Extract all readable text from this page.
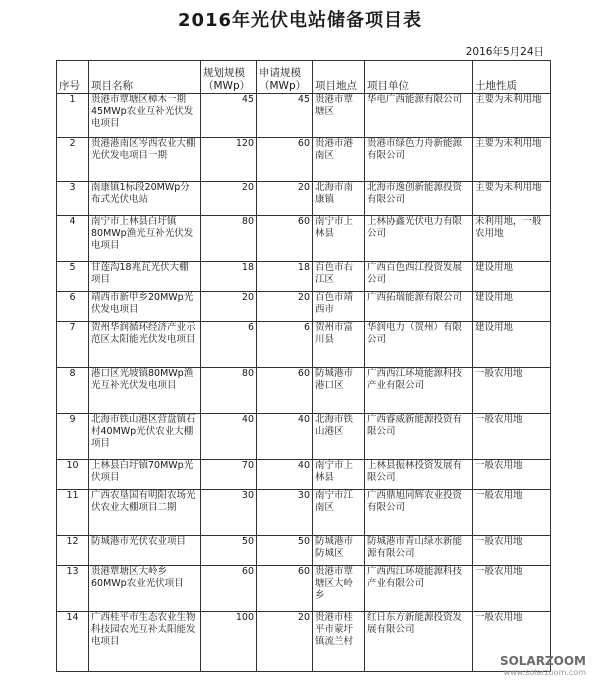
2016年光伏电站储备项目表
2016年5月24日
序号	项目名称	规划规模（MWp）	申请规模（MWp）	项目地点	项目单位	土地性质
1	贵港市覃塘区樟木一期45MWp农业互补光伏发电项目	45	45	贵港市覃塘区	华电广西能源有限公司	主要为未利用地
2	贵港港南区岑西农业大棚光伏发电项目一期	120	60	贵港市港南区	贵港市绿色力舟新能源有限公司	主要为未利用地
3	南康镇1标段20MWp分布式光伏电站	20	20	北海市南康镇	北海市逸创新能源投资有限公司	主要为未利用地
4	南宁市上林县白圩镇80MWp渔光互补光伏发电项目	80	60	南宁市上林县	上林协鑫光伏电力有限公司	未利用地，一般农用地
5	甘莲沟18兆瓦光伏大棚项目	18	18	百色市右江区	广西百色西江投资发展公司	建设用地
6	靖西市新甲乡20MWp光伏发电项目	20	20	百色市靖西市	广西拓瑞能源有限公司	建设用地
7	贺州华润循环经济产业示范区太阳能光伏发电项目	6	6	贺州市富川县	华润电力（贺州）有限公司	建设用地
8	港口区光坡镇80MWp渔光互补光伏发电项目	80	60	防城港市港口区	广西西江环境能源科技产业有限公司	一般农用地
9	北海市铁山港区营盘镇石村40MWp光伏农业大棚项目	40	40	北海市铁山港区	广西睿威新能源投资有限公司	一般农用地
10	上林县白圩镇70MWp光伏项目	70	40	南宁市上林县	上林县振林投资发展有限公司	一般农用地
11	广西农垦国有明阳农场光伏农业大棚项目二期	30	30	南宁市江南区	广西鼎旭同辉农业投资有限公司	一般农用地
12	防城港市光伏农业项目	50	50	防城港市防城区	防城港市青山绿水新能源有限公司	一般农用地
13	贵港覃塘区大岭乡60MWp农业光伏项目	60	60	贵港市覃塘区大岭乡	广西西江环境能源科技产业有限公司	一般农用地
14	广西桂平市生态农业生物科技园农光互补太阳能发电项目	100	20	贵港市桂平市蒙圩镇流兰村	红日东方新能源投资发展有限公司	一般农用地
SOLARZOOM
www.solarzoom.com
